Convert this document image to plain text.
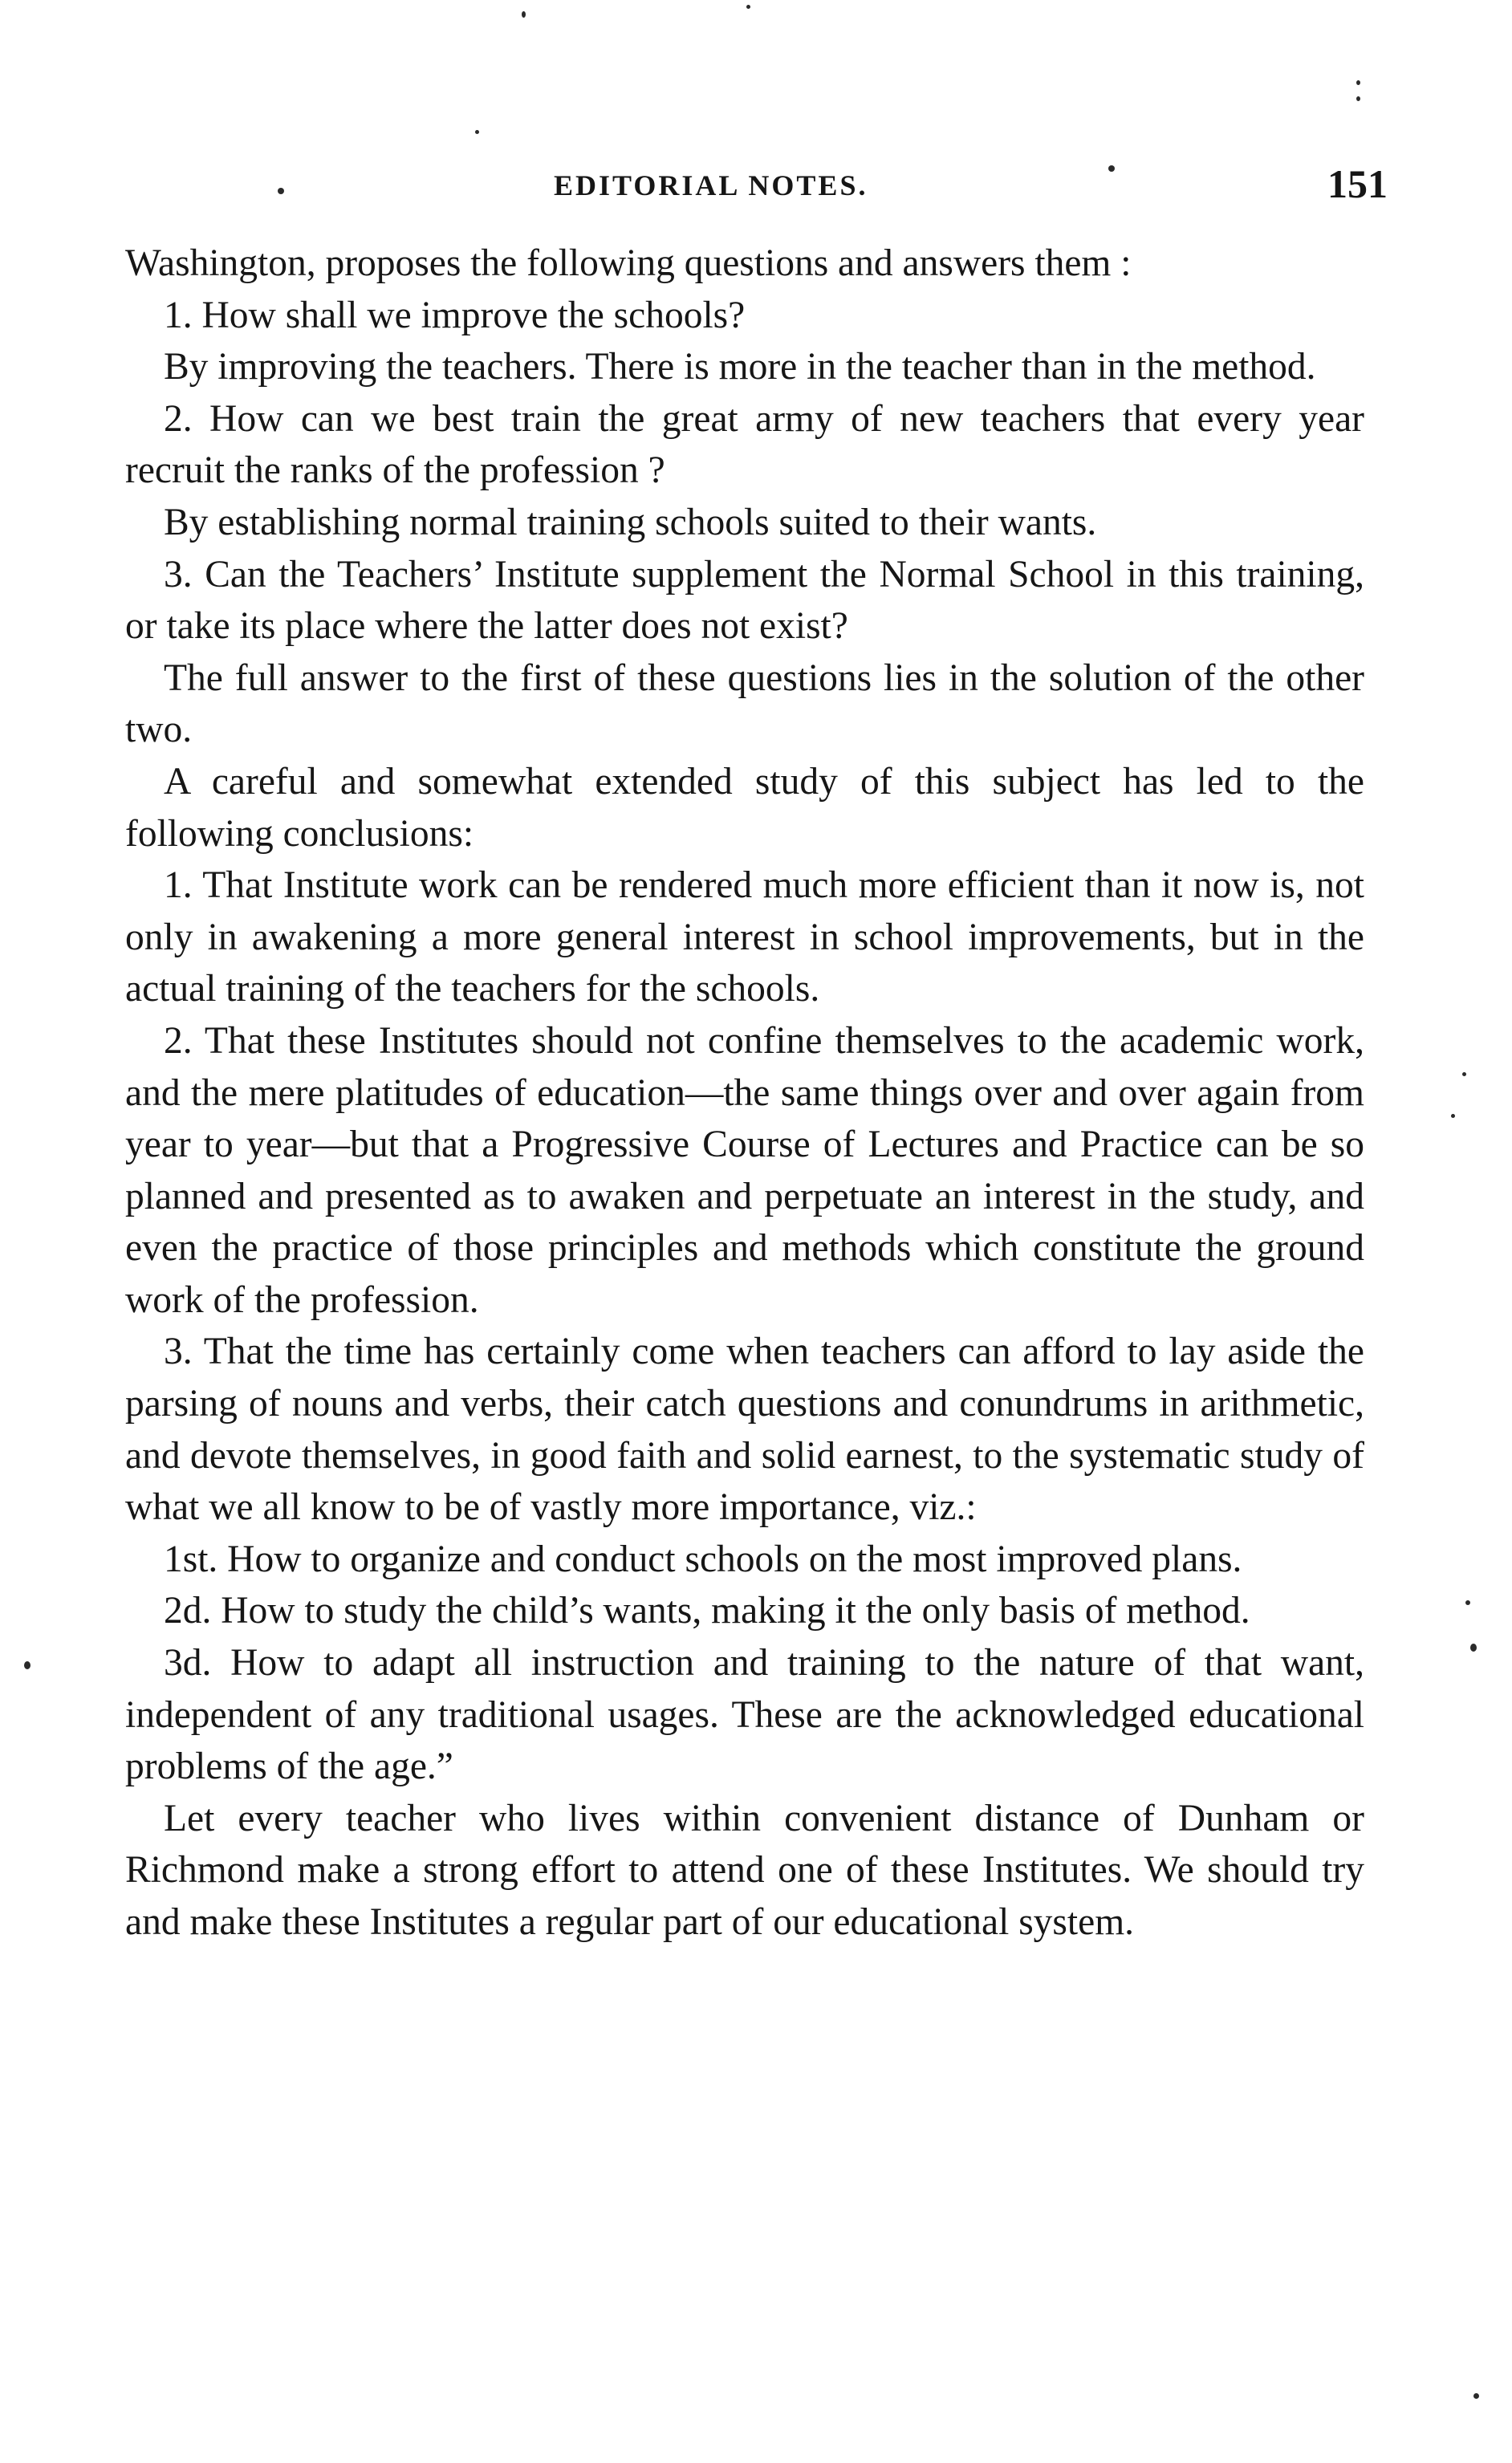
EDITORIAL NOTES.	151

Washington, proposes the following questions and answers them :

1. How shall we improve the schools?

By improving the teachers. There is more in the teacher than in the method.

2. How can we best train the great army of new teachers that every year recruit the ranks of the profession ?

By establishing normal training schools suited to their wants.

3. Can the Teachers’ Institute supplement the Normal School in this training, or take its place where the latter does not exist?

The full answer to the first of these questions lies in the solution of the other two.

A careful and somewhat extended study of this subject has led to the following conclusions:

1. That Institute work can be rendered much more efficient than it now is, not only in awakening a more general interest in school improvements, but in the actual training of the teachers for the schools.

2. That these Institutes should not confine themselves to the academic work, and the mere platitudes of education—the same things over and over again from year to year—but that a Progressive Course of Lectures and Practice can be so planned and presented as to awaken and perpetuate an interest in the study, and even the practice of those principles and methods which constitute the ground work of the profession.

3. That the time has certainly come when teachers can afford to lay aside the parsing of nouns and verbs, their catch questions and conundrums in arithmetic, and devote themselves, in good faith and solid earnest, to the systematic study of what we all know to be of vastly more importance, viz.:

1st. How to organize and conduct schools on the most improved plans.

2d. How to study the child’s wants, making it the only basis of method.

3d. How to adapt all instruction and training to the nature of that want, independent of any traditional usages. These are the acknowledged educational problems of the age.”

Let every teacher who lives within convenient distance of Dunham or Richmond make a strong effort to attend one of these Institutes. We should try and make these Institutes a regular part of our educational system.
